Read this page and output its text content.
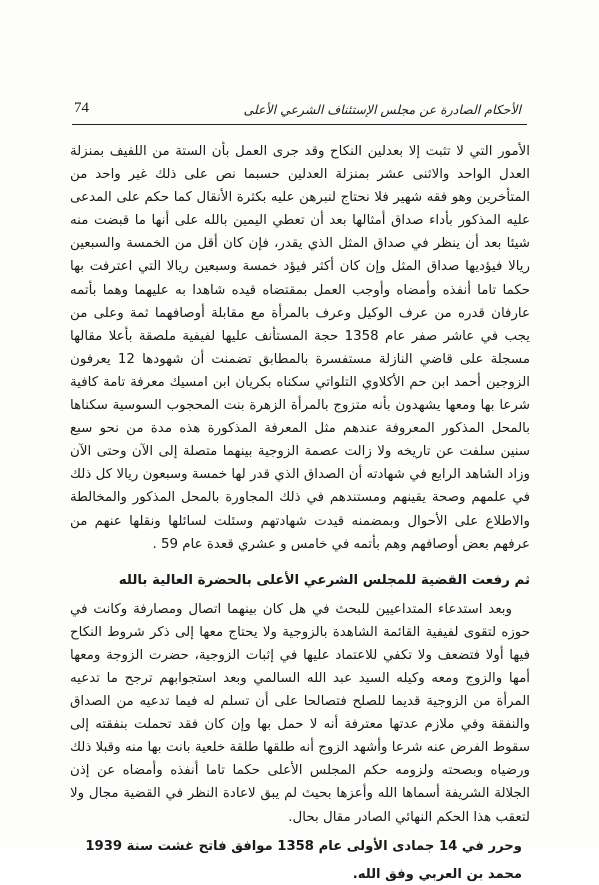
74	الأحكام الصادرة عن مجلس الإستئناف الشرعي الأعلى

الأمور التي لا تثبت إلا بعدلين النكاح وقد جرى العمل بأن الستة من اللفيف بمنزلة العدل الواحد والاثنى عشر بمنزلة العدلين حسبما نص على ذلك غير واحد من المتأخرين وهو فقه شهير فلا نحتاج لنبرهن عليه بكثرة الأنقال كما حكم على المدعى عليه المذكور بأداء صداق أمثالها بعد أن تعطي اليمين بالله على أنها ما قبضت منه شيئا بعد أن ينظر في صداق المثل الذي يقدر، فإن كان أقل من الخمسة والسبعين ريالا فيؤديها صداق المثل وإن كان أكثر فيؤد خمسة وسبعين ريالا التي اعترفت بها حكما تاما أنفذه وأمضاه وأوجب العمل بمقتضاه قيده شاهدا به عليهما وهما بأتمه عارفان قدره من عرف الوكيل وعرف بالمرأة مع مقابلة أوصافهما ثمة وعلى من يجب في عاشر صفر عام 1358 حجة المستأنف عليها لفيفية ملصقة بأعلا مقالها مسجلة على قاضي النازلة مستفسرة بالمطابق تضمنت أن شهودها 12 يعرفون الزوجين أحمد ابن حم الأكلاوي التلواتي سكناه بكريان ابن امسيك معرفة تامة كافية شرعا بها ومعها يشهدون بأنه متزوج بالمرأة الزهرة بنت المحجوب السوسية سكناها بالمحل المذكور المعروفة عندهم مثل المعرفة المذكورة هذه مدة من نحو سبع سنين سلفت عن تاريخه ولا زالت عصمة الزوجية بينهما متصلة إلى الآن وحتى الآن وزاد الشاهد الرابع في شهادته أن الصداق الذي قدر لها خمسة وسبعون ريالا كل ذلك في علمهم وصحة يقينهم ومستندهم في ذلك المجاورة بالمحل المذكور والمخالطة والاطلاع على الأحوال وبمضمنه قيدت شهادتهم وسئلت لسائلها ونقلها عنهم من عرفهم بعض أوصافهم وهم بأتمه في خامس و عشري قعدة عام 59 .

ثم رفعت القضية للمجلس الشرعي الأعلى بالحضرة العالية بالله

وبعد استدعاء المتداعيين للبحث في هل كان بينهما اتصال ومصارفة وكانت في حوزه لتقوى لفيفية القائمة الشاهدة بالزوجية ولا يحتاج معها إلى ذكر شروط النكاح فيها أولا فتضعف ولا تكفي للاعتماد عليها في إثبات الزوجية، حضرت الزوجة ومعها أمها والزوج ومعه وكيله السيد عبد الله السالمي وبعد استجوابهم ترجح ما تدعيه المرأة من الزوجية قديما للصلح فتصالحا على أن تسلم له فيما تدعيه من الصداق والنفقة وفي ملازم عدتها معترفة أنه لا حمل بها وإن كان فقد تحملت بنفقته إلى سقوط الفرض عنه شرعا وأشهد الزوج أنه طلقها طلقة خلعية بانت بها منه وقبلا ذلك ورضياه وبصحته ولزومه حكم المجلس الأعلى حكما تاما أنفذه وأمضاه عن إذن الجلالة الشريفة أسماها الله وأعزها بحيث لم يبق لاعادة النظر في القضية مجال ولا لتعقب هذا الحكم النهائي الصادر مقال بحال.

وحرر في 14 جمادى الأولى عام 1358 موافق فاتح غشت سنة 1939
محمد بن العربي وفق الله.
